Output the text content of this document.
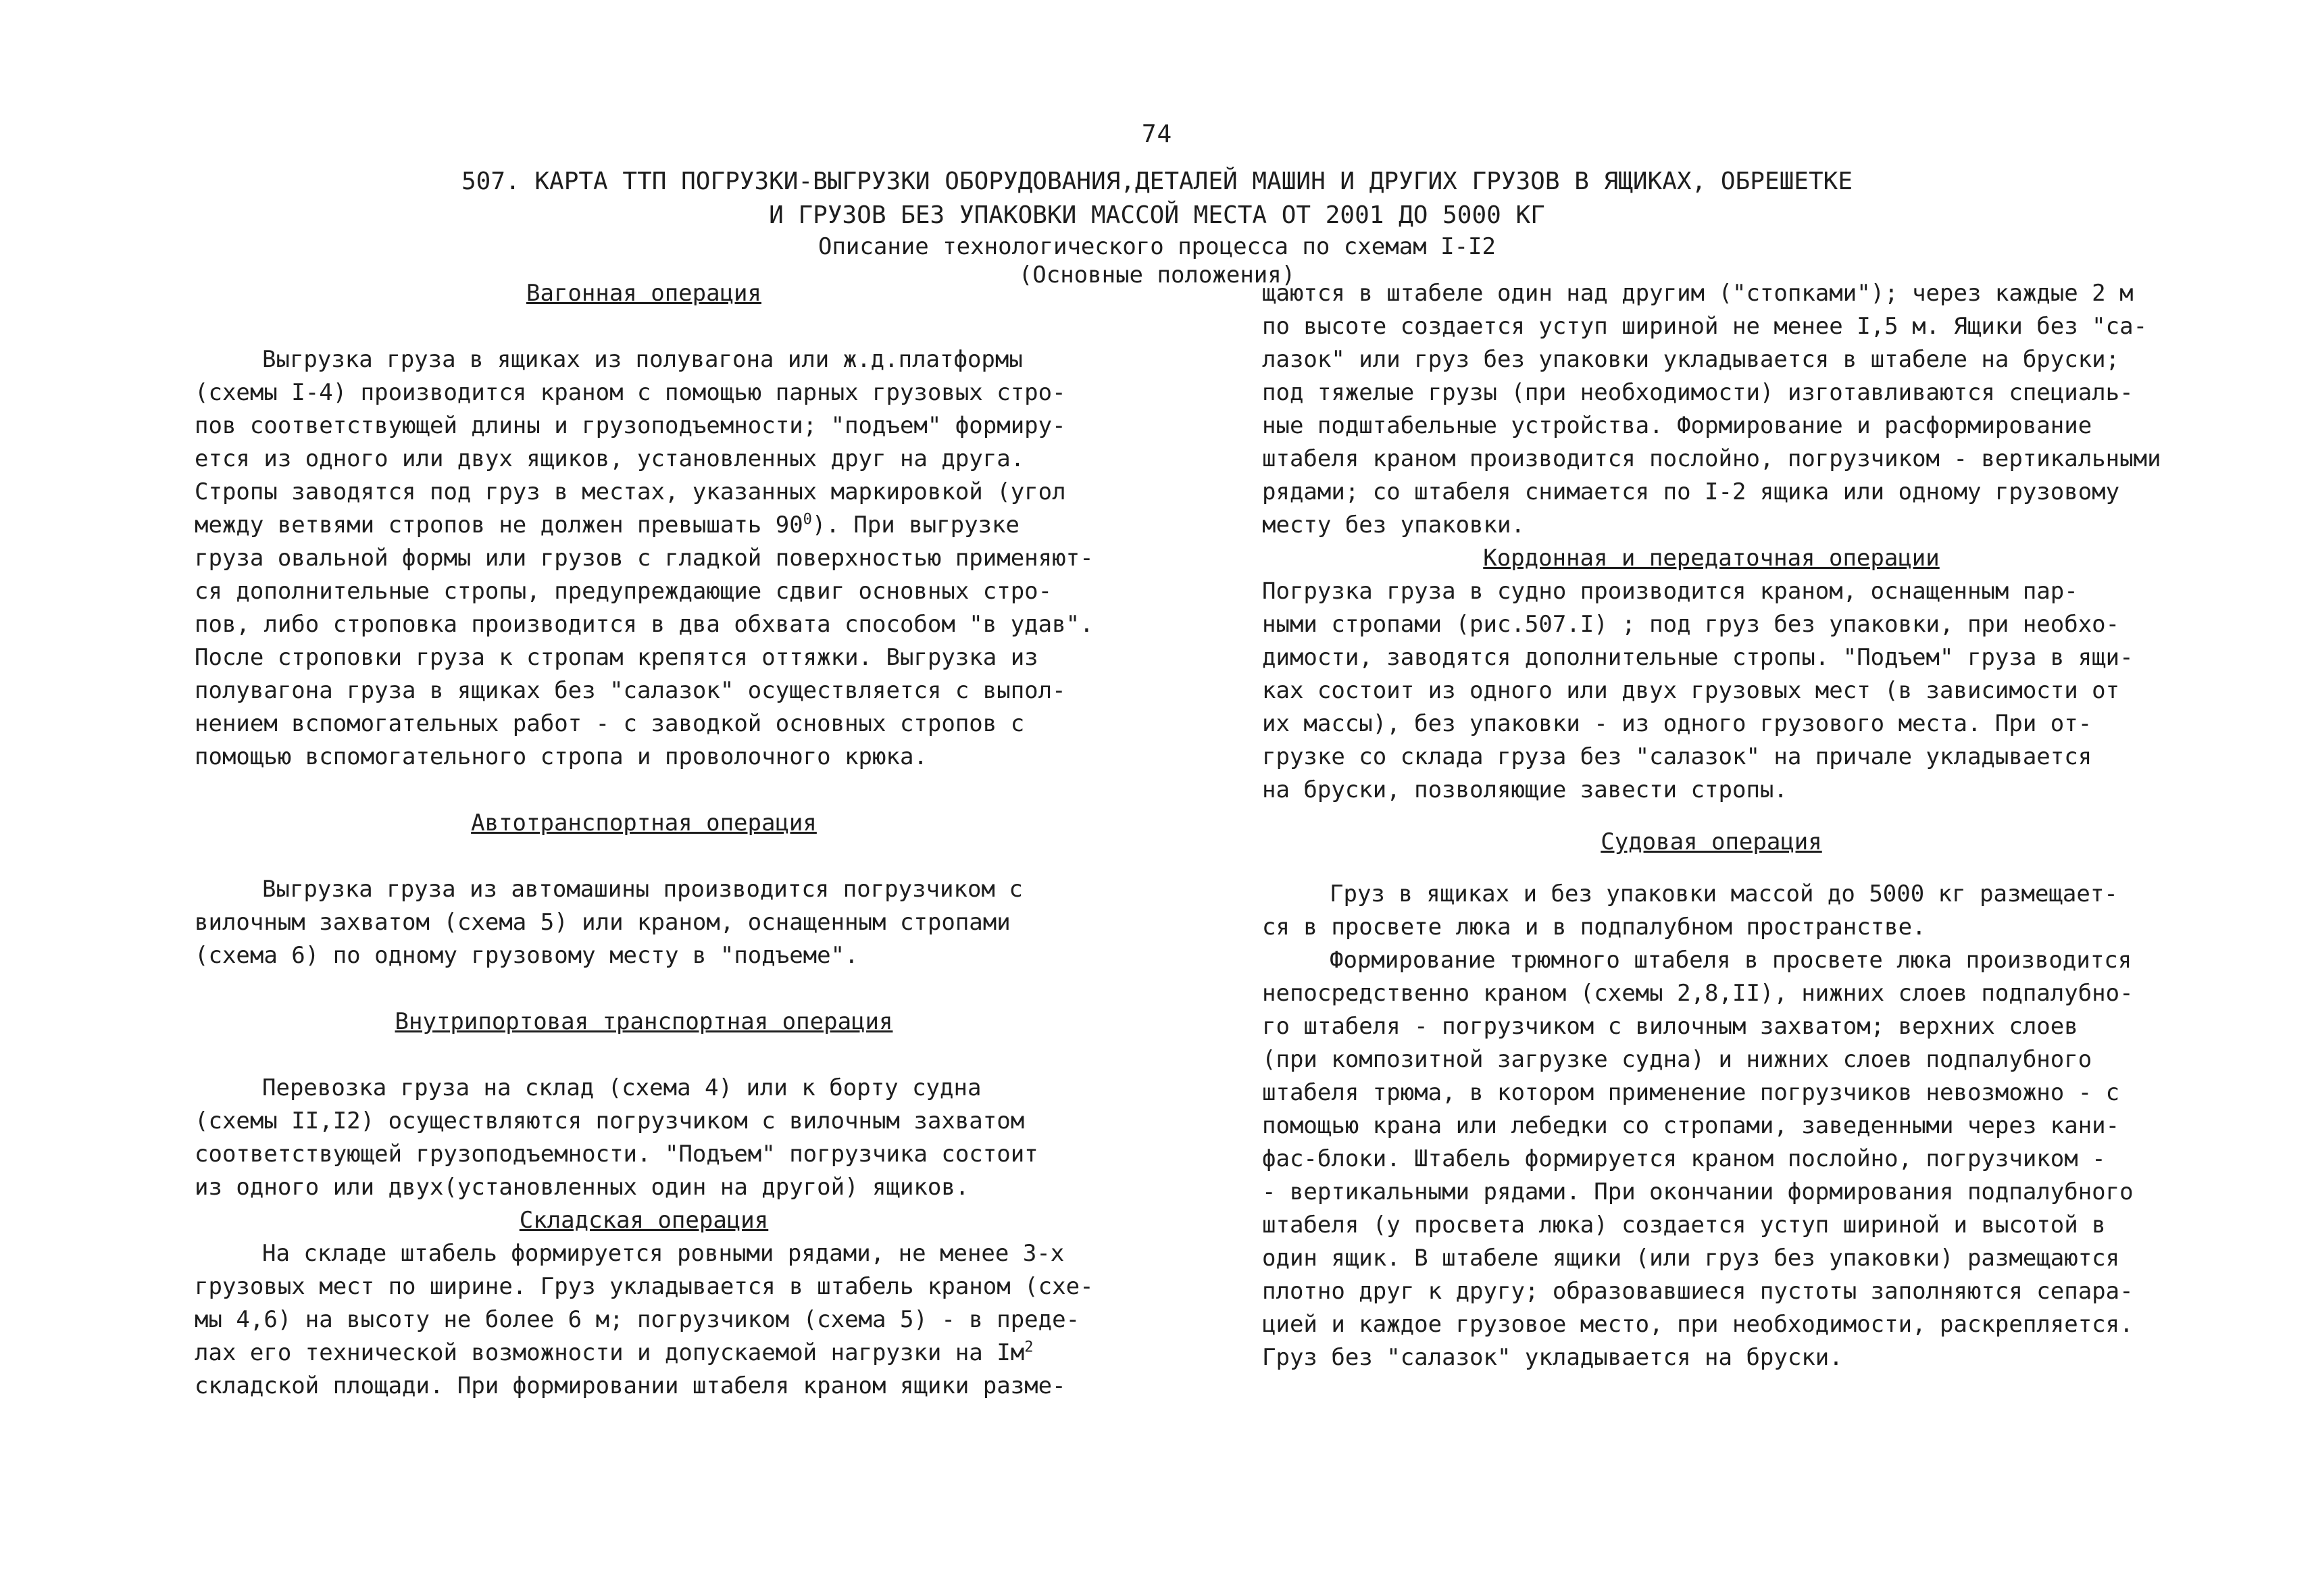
74
507. КАРТА ТТП ПОГРУЗКИ-ВЫГРУЗКИ ОБОРУДОВАНИЯ,ДЕТАЛЕЙ МАШИН И ДРУГИХ ГРУЗОВ В ЯЩИКАХ, ОБРЕШЕТКЕ
И ГРУЗОВ БЕЗ УПАКОВКИ МАССОЙ МЕСТА ОТ 2001 ДО 5000 КГ
Описание технологического процесса по схемам I-I2
(Основные положения)
Вагонная операция
Выгрузка груза в ящиках из полувагона или ж.д.платформы
(схемы I-4) производится краном с помощью парных грузовых стро-
пов соответствующей длины и грузоподъемности; "подъем" формиру-
ется из одного или двух ящиков, установленных друг на друга.
Стропы заводятся под груз в местах, указанных маркировкой (угол
между ветвями стропов не должен превышать $90^0$). При выгрузке
груза овальной формы или грузов с гладкой поверхностью применяют-
ся дополнительные стропы, предупреждающие сдвиг основных стро-
пов, либо строповка производится в два обхвата способом "в удав".
После строповки груза к стропам крепятся оттяжки. Выгрузка из
полувагона груза в ящиках без "салазок" осуществляется с выпол-
нением вспомогательных работ - с заводкой основных стропов с
помощью вспомогательного стропа и проволочного крюка.
Автотранспортная операция
Выгрузка груза из автомашины производится погрузчиком с
вилочным захватом (схема 5) или краном, оснащенным стропами
(схема 6) по одному грузовому месту в "подъеме".
Внутрипортовая транспортная операция
Перевозка груза на склад (схема 4) или к борту судна
(схемы II,I2) осуществляются погрузчиком с вилочным захватом
соответствующей грузоподъемности. "Подъем" погрузчика состоит
из одного или двух(установленных один на другой) ящиков.
Складская операция
На складе штабель формируется ровными рядами, не менее 3-х
грузовых мест по ширине. Груз укладывается в штабель краном (схе-
мы 4,6) на высоту не более 6 м; погрузчиком (схема 5) - в преде-
лах его технической возможности и допускаемой нагрузки на $Iм^2$
складской площади. При формировании штабеля краном ящики разме-
щаются в штабеле один над другим ("стопками"); через каждые 2 м
по высоте создается уступ шириной не менее I,5 м. Ящики без "са-
лазок" или груз без упаковки укладывается в штабеле на бруски;
под тяжелые грузы (при необходимости) изготавливаются специаль-
ные подштабельные устройства. Формирование и расформирование
штабеля краном производится послойно, погрузчиком - вертикальными
рядами; со штабеля снимается по I-2 ящика или одному грузовому
месту без упаковки.
Кордонная и передаточная операции
Погрузка груза в судно производится краном, оснащенным пар-
ными стропами (рис.507.I) ; под груз без упаковки, при необхо-
димости, заводятся дополнительные стропы. "Подъем" груза в ящи-
ках состоит из одного или двух грузовых мест (в зависимости от
их массы), без упаковки - из одного грузового места. При от-
грузке со склада груза без "салазок" на причале укладывается
на бруски, позволяющие завести стропы.
Судовая операция
Груз в ящиках и без упаковки массой до 5000 кг размещает-
ся в просвете люка и в подпалубном пространстве.
Формирование трюмного штабеля в просвете люка производится
непосредственно краном (схемы 2,8,II), нижних слоев подпалубно-
го штабеля - погрузчиком с вилочным захватом; верхних слоев
(при композитной загрузке судна) и нижних слоев подпалубного
штабеля трюма, в котором применение погрузчиков невозможно - с
помощью крана или лебедки со стропами, заведенными через кани-
фас-блоки. Штабель формируется краном послойно, погрузчиком -
- вертикальными рядами. При окончании формирования подпалубного
штабеля (у просвета люка) создается уступ шириной и высотой в
один ящик. В штабеле ящики (или груз без упаковки) размещаются
плотно друг к другу; образовавшиеся пустоты заполняются сепара-
цией и каждое грузовое место, при необходимости, раскрепляется.
Груз без "салазок" укладывается на бруски.
